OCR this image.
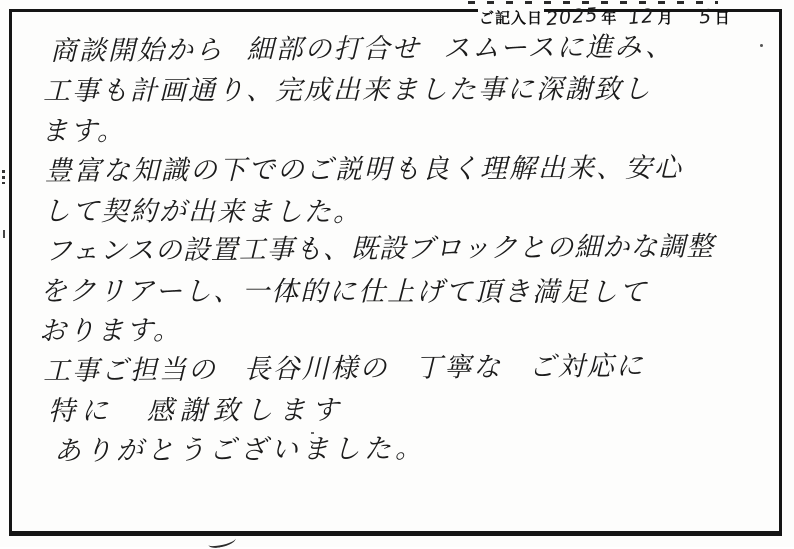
ご記入日 2025 年 12 月 5 日
商談開始から 細部の打合せ スムースに進み、
工事も計画通り、完成出来ました事に深謝致し
ます。
豊富な知識の下でのご説明も良く理解出来、安心
して契約が出来ました。
フェンスの設置工事も、既設ブロックとの細かな調整
をクリアーし、一体的に仕上げて頂き満足して
おります。
工事ご担当の 長谷川様の 丁寧な ご対応に
特に 感謝致します
ありがとうございました。
